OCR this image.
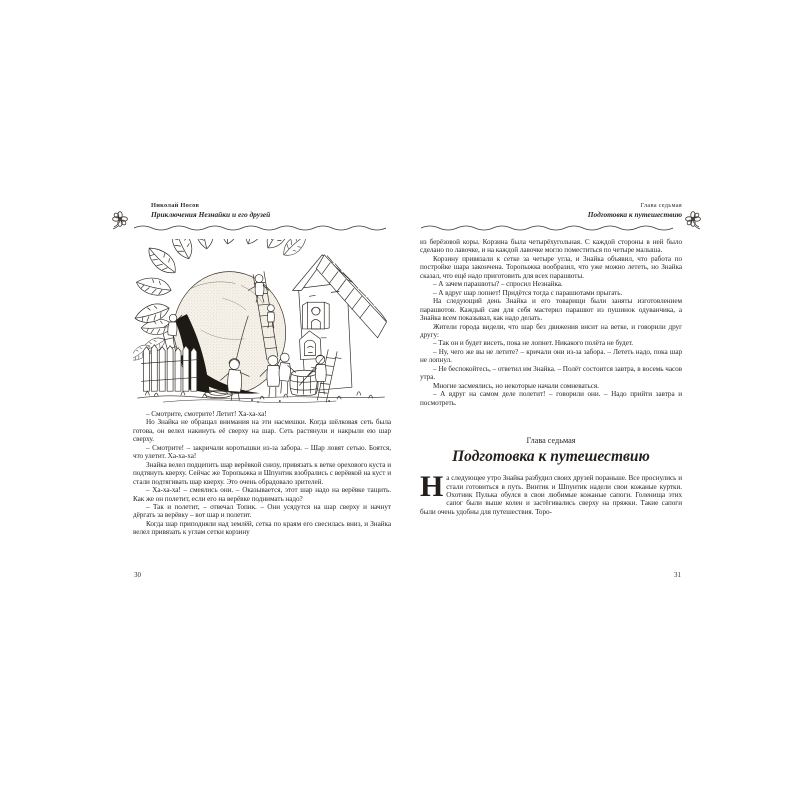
Николай Носов
Приключения Незнайки и его друзей

– Смотрите, смотрите! Летит! Ха-ха-ха!

Но Знайка не обращал внимания на эти насмешки. Когда шёлковая сеть была готова, он велел накинуть её сверху на шар. Сеть растянули и накрыли ею шар сверху.

– Смотрите! – закричали коротышки из-за забора. – Шар ловят сетью. Боятся, что улетит. Ха-ха-ха!

Знайка велел подцепить шар верёвкой снизу, привязать к ветке орехового куста и подтянуть кверху. Сейчас же Торопыжка и Шпунтик взобрались с верёвкой на куст и стали подтягивать шар кверху. Это очень обрадовало зрителей.

– Ха-ха-ха! – смеялись они. – Оказывается, этот шар надо на верёвке тащить. Как же он полетит, если его на верёвке поднимать надо?

– Так и полетит, – отвечал Топик. – Они усядутся на шар сверху и начнут дёргать за верёвку – вот шар и полетит.

Когда шар приподняли над землёй, сетка по краям его свесилась вниз, и Знайка велел привязать к углам сетки корзину

30
Глава седьмая
Подготовка к путешествию

из берёзовой коры. Корзина была четырёхугольная. С каждой стороны в ней было сделано по лавочке, и на каждой лавочке могло поместиться по четыре малыша.

Корзину привязали к сетке за четыре угла, и Знайка объявил, что работа по постройке шара закончена. Торопыжка вообразил, что уже можно лететь, но Знайка сказал, что ещё надо приготовить для всех парашюты.

– А зачем парашюты? – спросил Незнайка.

– А вдруг шар лопнет! Придётся тогда с парашютами прыгать.

На следующий день Знайка и его товарищи были заняты изготовлением парашютов. Каждый сам для себя мастерил парашют из пушинок одуванчика, а Знайка всем показывал, как надо делать.

Жители города видели, что шар без движения висит на ветке, и говорили друг другу:

– Так он и будет висеть, пока не лопнет. Никакого полёта не будет.

– Ну, чего же вы не летите? – кричали они из-за забора. – Лететь надо, пока шар не лопнул.

– Не беспокойтесь, – ответил им Знайка. – Полёт состоится завтра, в восемь часов утра.

Многие засмеялись, но некоторые начали сомневаться.

– А вдруг на самом деле полетит! – говорили они. – Надо прийти завтра и посмотреть.

Глава седьмая
Подготовка к путешествию
На следующее утро Знайка разбудил своих друзей пораньше. Все проснулись и стали готовиться в путь. Винтик и Шпунтик надели свои кожаные куртки. Охотник Пулька обулся в свои любимые кожаные сапоги. Голенища этих сапог были выше колен и застёгивались сверху на пряжки. Такие сапоги были очень удобны для путешествия. Торо-
31
